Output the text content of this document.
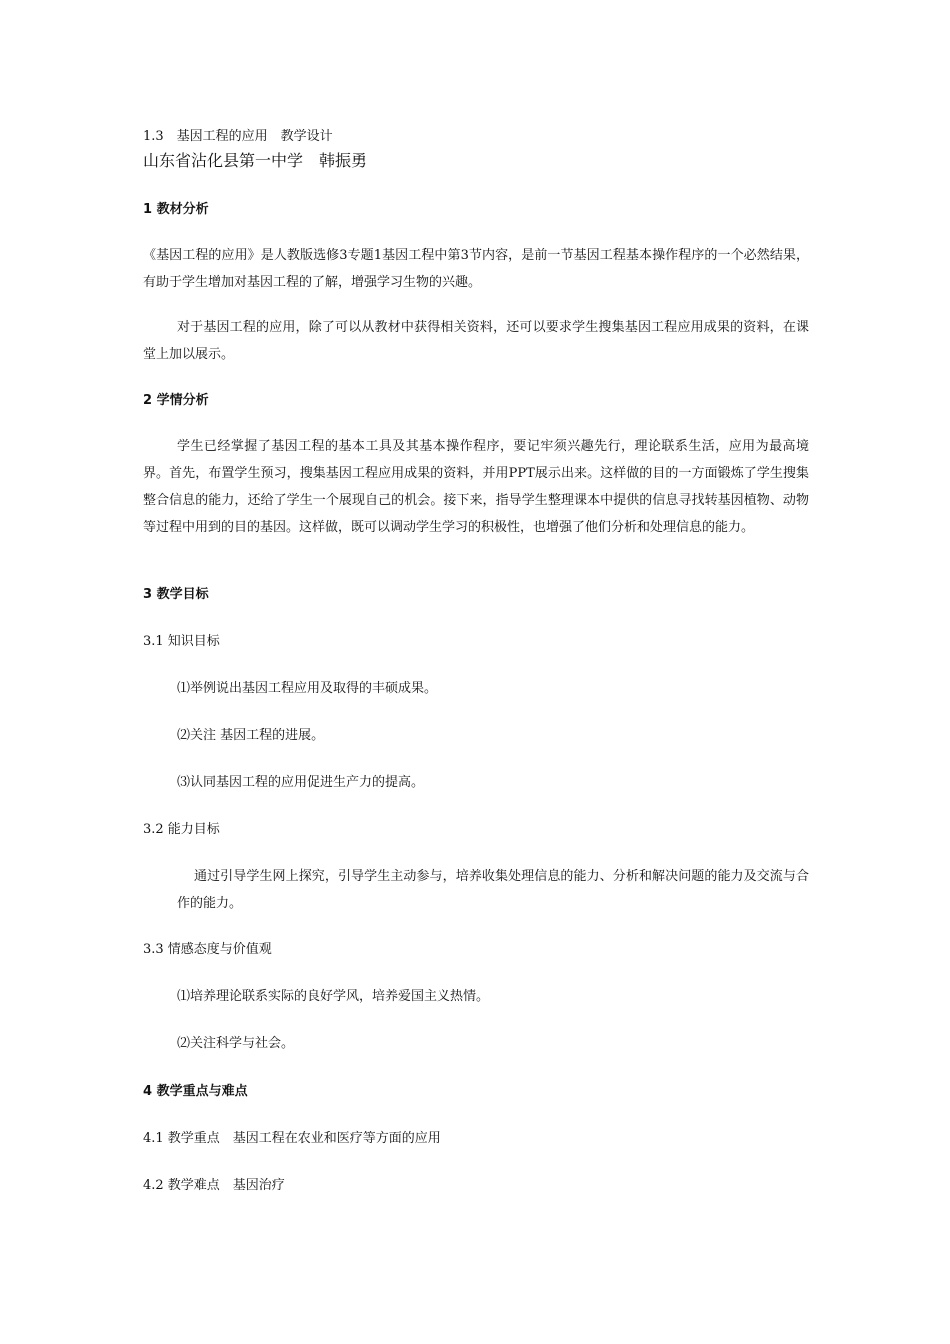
1.3　基因工程的应用　教学设计
山东省沾化县第一中学　韩振勇
1 教材分析
《基因工程的应用》是人教版选修3专题1基因工程中第3节内容，是前一节基因工程基本操作程序的一个必然结果，有助于学生增加对基因工程的了解，增强学习生物的兴趣。
对于基因工程的应用，除了可以从教材中获得相关资料，还可以要求学生搜集基因工程应用成果的资料，在课堂上加以展示。
2 学情分析
学生已经掌握了基因工程的基本工具及其基本操作程序，要记牢须兴趣先行，理论联系生活，应用为最高境界。首先，布置学生预习，搜集基因工程应用成果的资料，并用PPT展示出来。这样做的目的一方面锻炼了学生搜集整合信息的能力，还给了学生一个展现自己的机会。接下来，指导学生整理课本中提供的信息寻找转基因植物、动物等过程中用到的目的基因。这样做，既可以调动学生学习的积极性，也增强了他们分析和处理信息的能力。
3 教学目标
3.1 知识目标
⑴举例说出基因工程应用及取得的丰硕成果。
⑵关注 基因工程的进展。
⑶认同基因工程的应用促进生产力的提高。
3.2 能力目标
通过引导学生网上探究，引导学生主动参与，培养收集处理信息的能力、分析和解决问题的能力及交流与合作的能力。
3.3 情感态度与价值观
⑴培养理论联系实际的良好学风，培养爱国主义热情。
⑵关注科学与社会。
4 教学重点与难点
4.1 教学重点　基因工程在农业和医疗等方面的应用
4.2 教学难点　基因治疗
